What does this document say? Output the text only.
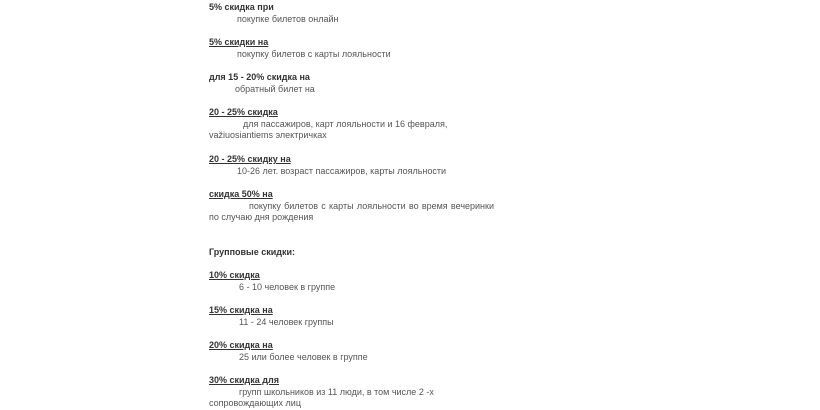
5% скидка при
покупке билетов онлайн
5% скидки на
покупку билетов с карты лояльности
для 15 - 20% скидка на
обратный билет на
20 - 25% скидка
для пассажиров, карт лояльности и 16 февраля, važiuosiantiems электричках
20 - 25% скидку на
10-26 лет. возраст пассажиров, карты лояльности
скидка 50% на
покупку билетов с карты лояльности во время вечеринки по случаю дня рождения
Групповые скидки:
10% скидка
6 - 10 человек в группе
15% скидка на
11 - 24 человек группы
20% скидка на
25 или более человек в группе
30% скидка для
групп школьников из 11 люди, в том числе 2 -х сопровождающих лиц
